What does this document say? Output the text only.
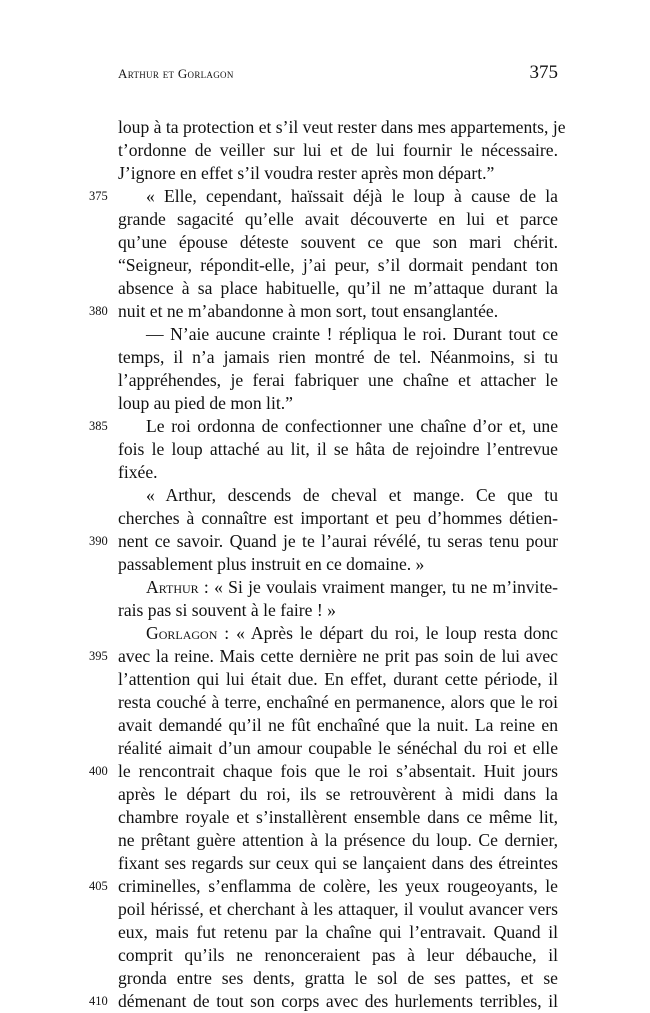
Arthur et Gorlagon	375
loup à ta protection et s’il veut rester dans mes appartements, je
t’ordonne de veiller sur lui et de lui fournir le nécessaire.
J’ignore en effet s’il voudra rester après mon départ.”
« Elle, cependant, haïssait déjà le loup à cause de la
375
grande sagacité qu’elle avait découverte en lui et parce
qu’une épouse déteste souvent ce que son mari chérit.
“Seigneur, répondit-elle, j’ai peur, s’il dormait pendant ton
absence à sa place habituelle, qu’il ne m’attaque durant la
nuit et ne m’abandonne à mon sort, tout ensanglantée.
380
— N’aie aucune crainte ! répliqua le roi. Durant tout ce
temps, il n’a jamais rien montré de tel. Néanmoins, si tu
l’appréhendes, je ferai fabriquer une chaîne et attacher le
loup au pied de mon lit.”
Le roi ordonna de confectionner une chaîne d’or et, une
385
fois le loup attaché au lit, il se hâta de rejoindre l’entrevue
fixée.
« Arthur, descends de cheval et mange. Ce que tu
cherches à connaître est important et peu d’hommes détien-
nent ce savoir. Quand je te l’aurai révélé, tu seras tenu pour
390
passablement plus instruit en ce domaine. »
Arthur : « Si je voulais vraiment manger, tu ne m’invite-
rais pas si souvent à le faire ! »
Gorlagon : « Après le départ du roi, le loup resta donc
avec la reine. Mais cette dernière ne prit pas soin de lui avec
395
l’attention qui lui était due. En effet, durant cette période, il
resta couché à terre, enchaîné en permanence, alors que le roi
avait demandé qu’il ne fût enchaîné que la nuit. La reine en
réalité aimait d’un amour coupable le sénéchal du roi et elle
le rencontrait chaque fois que le roi s’absentait. Huit jours
400
après le départ du roi, ils se retrouvèrent à midi dans la
chambre royale et s’installèrent ensemble dans ce même lit,
ne prêtant guère attention à la présence du loup. Ce dernier,
fixant ses regards sur ceux qui se lançaient dans des étreintes
criminelles, s’enflamma de colère, les yeux rougeoyants, le
405
poil hérissé, et cherchant à les attaquer, il voulut avancer vers
eux, mais fut retenu par la chaîne qui l’entravait. Quand il
comprit qu’ils ne renonceraient pas à leur débauche, il
gronda entre ses dents, gratta le sol de ses pattes, et se
démenant de tout son corps avec des hurlements terribles, il
410
